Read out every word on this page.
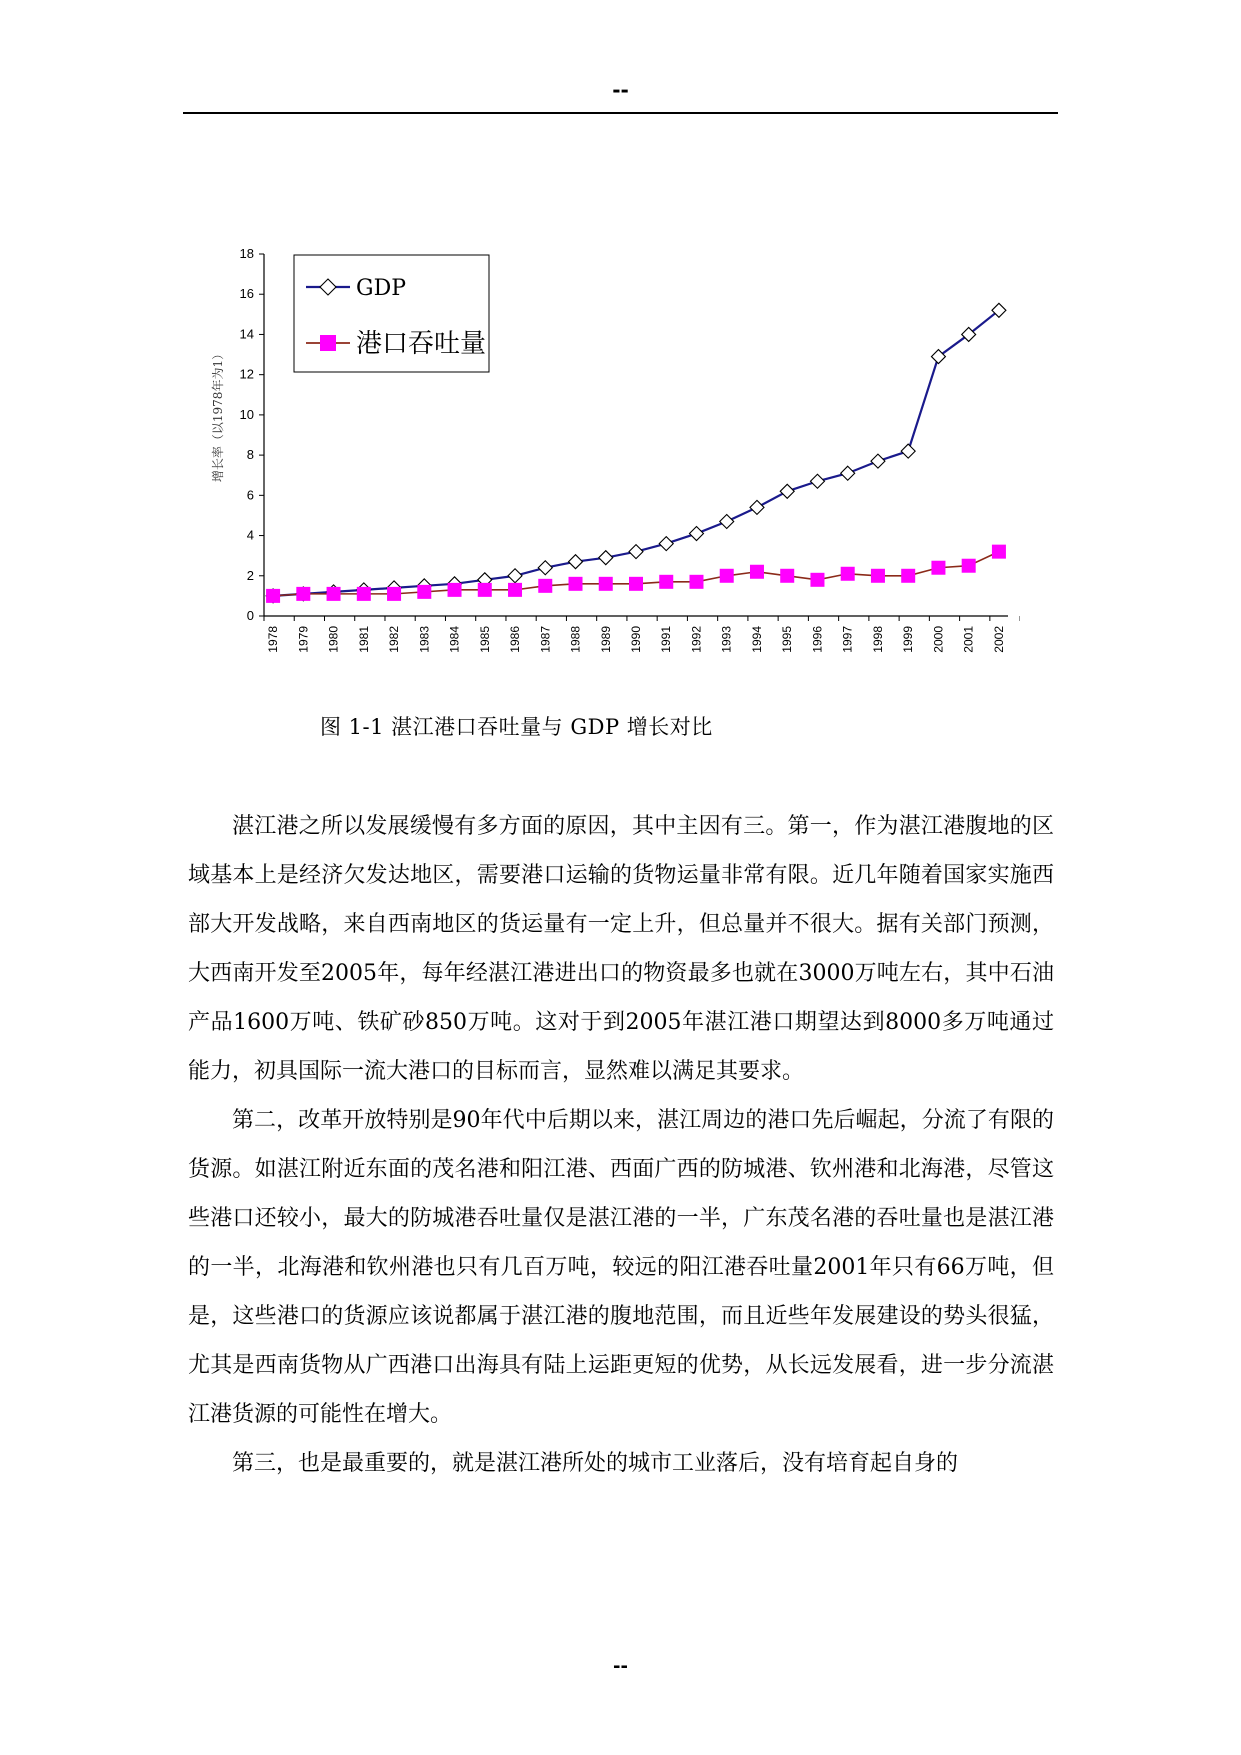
--
0
2
4
6
8
10
12
14
16
18
1978 1979 1980 1981 1982 1983 1984 1985 1986 1987 1988 1989 1990 1991 1992 1993 1994 1995 1996 1997 1998 1999 2000 2001 2002
增长率（以1978年为1）
GDP
港口吞吐量
图 1-1 湛江港口吞吐量与 GDP 增长对比

湛江港之所以发展缓慢有多方面的原因，其中主因有三。第一，作为湛江港腹地的区域基本上是经济欠发达地区，需要港口运输的货物运量非常有限。近几年随着国家实施西部大开发战略，来自西南地区的货运量有一定上升，但总量并不很大。据有关部门预测，大西南开发至2005年，每年经湛江港进出口的物资最多也就在3000万吨左右，其中石油产品1600万吨、铁矿砂850万吨。这对于到2005年湛江港口期望达到8000多万吨通过能力，初具国际一流大港口的目标而言，显然难以满足其要求。

第二，改革开放特别是90年代中后期以来，湛江周边的港口先后崛起，分流了有限的货源。如湛江附近东面的茂名港和阳江港、西面广西的防城港、钦州港和北海港，尽管这些港口还较小，最大的防城港吞吐量仅是湛江港的一半，广东茂名港的吞吐量也是湛江港的一半，北海港和钦州港也只有几百万吨，较远的阳江港吞吐量2001年只有66万吨，但是，这些港口的货源应该说都属于湛江港的腹地范围，而且近些年发展建设的势头很猛，尤其是西南货物从广西港口出海具有陆上运距更短的优势，从长远发展看，进一步分流湛江港货源的可能性在增大。

第三，也是最重要的，就是湛江港所处的城市工业落后，没有培育起自身的

--
